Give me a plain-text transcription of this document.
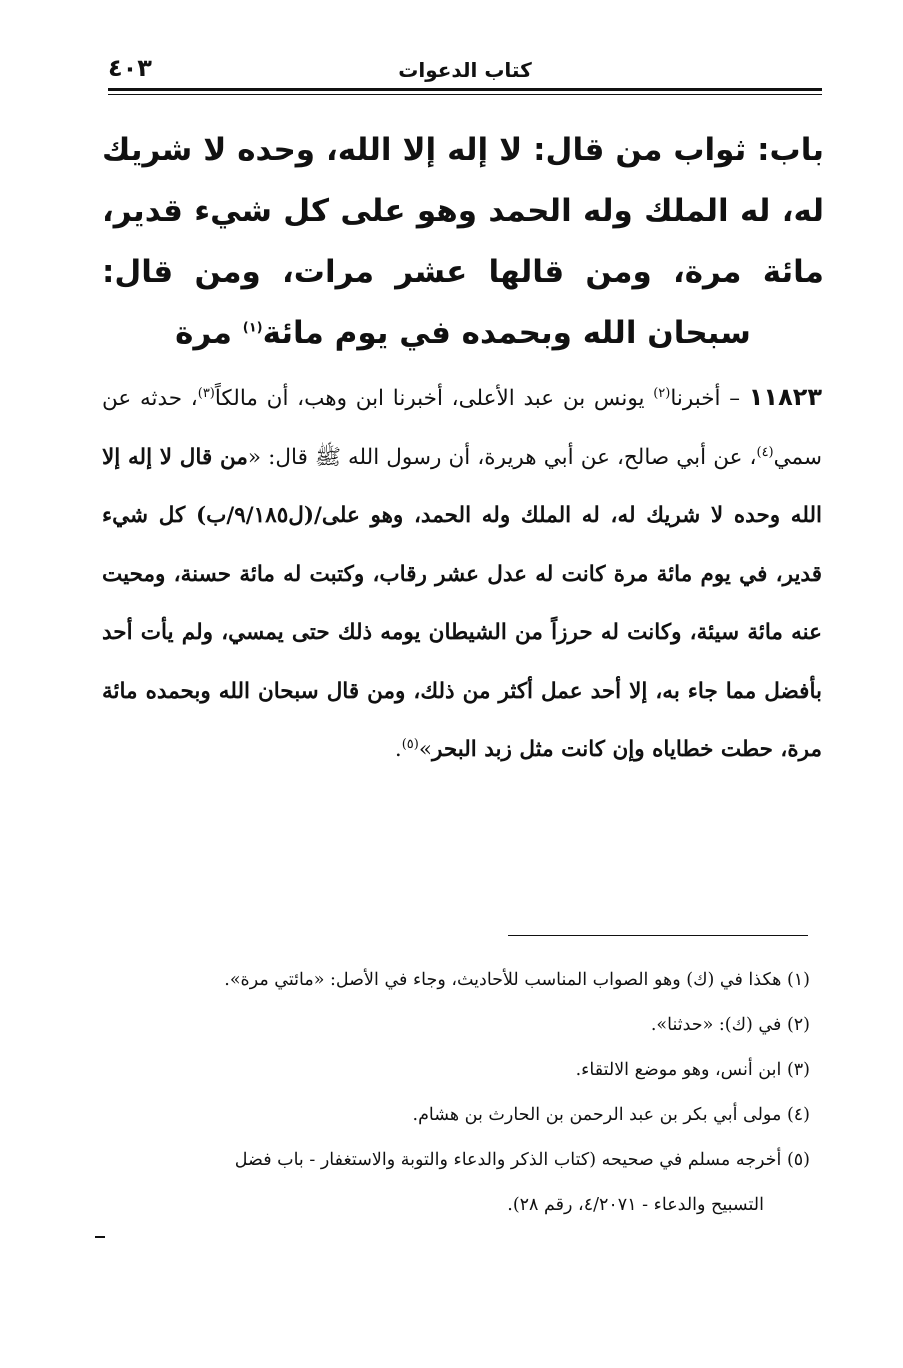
كتاب الدعوات
٤٠٣
باب: ثواب من قال: لا إله إلا الله، وحده لا شريك له، له الملك وله الحمد وهو على كل شيء قدير، مائة مرة، ومن قالها عشر مرات، ومن قال: سبحان الله وبحمده في يوم مائة$^{(١)}$ مرة
١١٨٢٣ – أخبرنا$^{(٢)}$ يونس بن عبد الأعلى، أخبرنا ابن وهب، أن مالكاً$^{(٣)}$، حدثه عن سمي$^{(٤)}$، عن أبي صالح، عن أبي هريرة، أن رسول الله ﷺ قال: «من قال لا إله إلا الله وحده لا شريك له، له الملك وله الحمد، وهو على/(ل٩/١٨٥/ب) كل شيء قدير، في يوم مائة مرة كانت له عدل عشر رقاب، وكتبت له مائة حسنة، ومحيت عنه مائة سيئة، وكانت له حرزاً من الشيطان يومه ذلك حتى يمسي، ولم يأت أحد بأفضل مما جاء به، إلا أحد عمل أكثر من ذلك، ومن قال سبحان الله وبحمده مائة مرة، حطت خطاياه وإن كانت مثل زبد البحر»$^{(٥)}$.

(١) هكذا في (ك) وهو الصواب المناسب للأحاديث، وجاء في الأصل: «مائتي مرة».

(٢) في (ك): «حدثنا».

(٣) ابن أنس، وهو موضع الالتقاء.

(٤) مولى أبي بكر بن عبد الرحمن بن الحارث بن هشام.

(٥) أخرجه مسلم في صحيحه (كتاب الذكر والدعاء والتوبة والاستغفار - باب فضل

التسبيح والدعاء - ٤/٢٠٧١، رقم ٢٨).
